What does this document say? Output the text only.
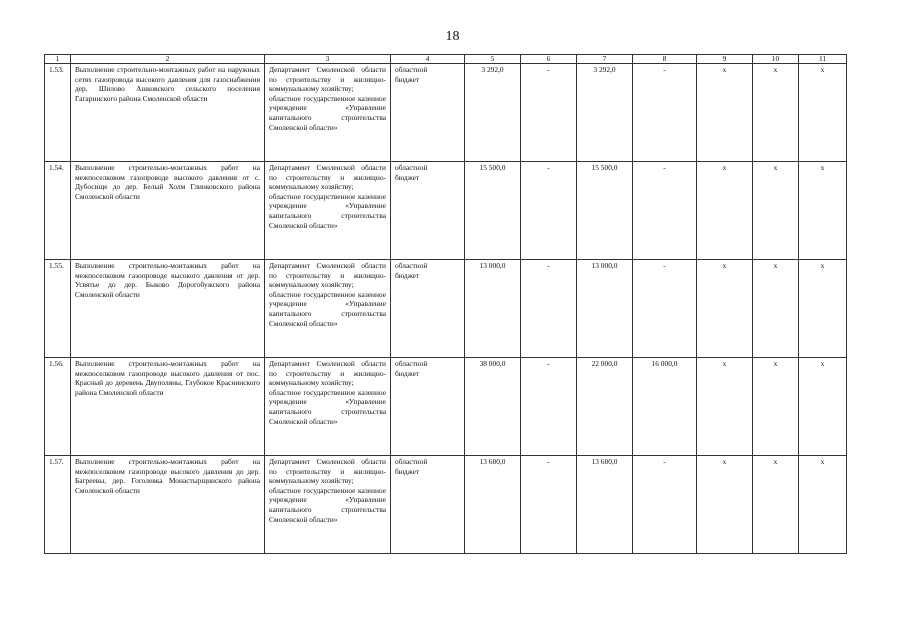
18
1	2	3	4	5	6	7	8	9	10	11
1.53.	Выполнение строительно-монтажных работ на наружных сетях газопровода высокого давления для газоснабжения дер. Шилово Ашковского сельского поселения Гагаринского района Смоленской области	Департамент Смоленской области по строительству и жилищно-коммунальному хозяйству;
областное государственное казенное учреждение «Управление капитального строительства Смоленской области»	областной
бюджет	3 292,0	-	3 292,0	-	х	х	х
1.54.	Выполнение строительно-монтажных работ на межпоселковом газопроводе высокого давления от с. Дубосище до дер. Белый Холм Глинковского района Смоленской области	Департамент Смоленской области по строительству и жилищно-коммунальному хозяйству;
областное государственное казенное учреждение «Управление капитального строительства Смоленской области»	областной
бюджет	15 500,0	-	15 500,0	-	х	х	х
1.55.	Выполнение строительно-монтажных работ на межпоселковом газопроводе высокого давления от дер. Усвятье до дер. Быково Дорогобужского района Смоленской области	Департамент Смоленской области по строительству и жилищно-коммунальному хозяйству;
областное государственное казенное учреждение «Управление капитального строительства Смоленской области»	областной
бюджет	13 000,0	-	13 000,0	-	х	х	х
1.56.	Выполнение строительно-монтажных работ на межпоселковом газопроводе высокого давления от пос. Красный до деревень Двуполяны, Глубокое Краснинского района Смоленской области	Департамент Смоленской области по строительству и жилищно-коммунальному хозяйству;
областное государственное казенное учреждение «Управление капитального строительства Смоленской области»	областной
бюджет	38 000,0	-	22 000,0	16 000,0	х	х	х
1.57.	Выполнение строительно-монтажных работ на межпоселковом газопроводе высокого давления до дер. Багреевы, дер. Гоголевка Монастырщинского района Смоленской области	Департамент Смоленской области по строительству и жилищно-коммунальному хозяйству;
областное государственное казенное учреждение «Управление капитального строительства Смоленской области»	областной
бюджет	13 680,0	-	13 680,0	-	х	х	х
